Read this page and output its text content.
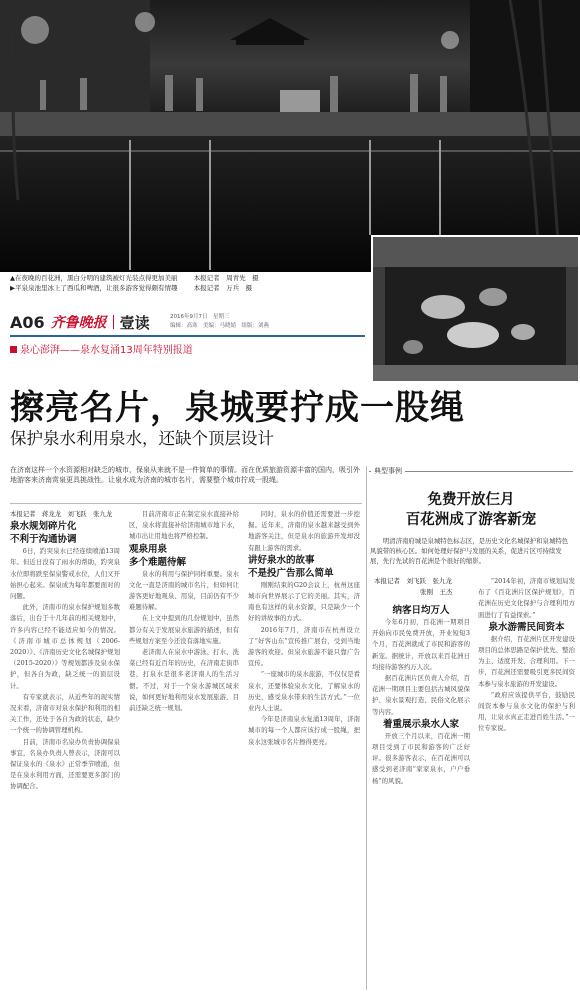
▲在夜晚的百花洲，黑白分明的建筑被灯光装点得更加美丽 本报记者　周青先　摄
▶平泉泉池里冰上了西瓜和啤酒，让很多游客觉得颇有情趣 本报记者　万兵　摄
A06 齐鲁晚报 壹读	2016年9月7日　星期三
编辑：高寒　美编：马晓婧　组版：刘燕
泉心澎湃——泉水复涌13周年特别报道
擦亮名片，泉城要拧成一股绳
保护泉水利用泉水，还缺个顶层设计
在济南这样一个水资源相对缺乏的城市，保泉从来就不是一件简单的事情。而在优质旅游资源丰富的国内，吸引外地游客来济南赏泉更具挑战性。让泉水成为济南的城市名片，需要整个城市拧成一股绳。

本报记者　蒋龙龙　刘飞跃　张九龙

泉水规划碎片化
不利于沟通协调

6日，趵突泉水已经连续喷涌13周年。但近日没有了雨水的帮助，趵突泉水位即将跌至保泉警戒水位，人们又开始担心起来。保泉成为每年都要面对的问题。

此外，济南市的泉水保护规划多数落后，出台于十几年前的相关规划中，许多内容已经不能适应如今的情况。《济南市城市总体规划（2006-2020）》、《济南历史文化名城保护规划（2015-2020）》等规划都涉及泉水保护，但各自为政，缺乏统一的顶层设计。

有专家就表示，从近些年的现实情况来看，济南市对泉水保护和利用的相关工作，还处于各自为政的状态，缺少一个统一的协调管理机构。

目前，济南市名泉办负责协调保泉事宜，名泉办负责人曾表示，济南可以保证泉水的《泉水》正常季节喷涌，但是在泉水利用方面，还需要更多部门的协调配合。

目前济南市正在制定泉水直接补给区，泉水将直接补给济南城市地下水，城市出让用地也将严格控制。

观泉用泉
多个难题待解

泉水的利用与保护同样重要。泉水文化一直是济南的城市名片，但如何让游客更好地观泉、用泉，目前仍有不少难题待解。

在上文中提到的几份规划中，虽然都分有关于发展泉水旅游的描述，但有些规划方案至今还没有落地实施。

老济南人在泉水中游泳、打水、洗菜已经有近百年的历史，在济南走街串巷，打泉水是很多老济南人的生活习惯。不过，对于一个泉水游城区域来说，如何更好地利用泉水发展旅游，目前还缺乏统一规划。

同时，泉水的价值还需要进一步挖掘。近年来，济南的泉水越来越受到外地游客关注，但是泉水的旅游开发却没有跟上游客的需求。

讲好泉水的故事
不是投广告那么简单

刚刚结束的G20会议上，杭州这座城市向世界展示了它的美丽。其实，济南也有这样的泉水资源，只是缺少一个好的讲故事的方式。

2016年7月，济南市在杭州设立了“好客山东”宣传推广展台，受到当地游客的欢迎。但泉水旅游不能只靠广告宣传。

“一座城市的泉水旅游，不仅仅是看泉水，还要体验泉水文化，了解泉水的历史，感受泉水带来的生活方式。”一位业内人士说。

今年是济南泉水复涌13周年，济南城市的每一个人都应该拧成一股绳，把泉水这张城市名片擦得更亮。

典型事例
免费开放仨月
百花洲成了游客新宠
明清济南府城是泉城特色标志区，是历史文化名城保护和泉城特色风貌带的核心区。如何处理好保护与发展的关系，促进片区可持续发展，先行先试的百花洲是个很好的缩影。
本报记者　刘飞跃　张九龙
张刚　王杰

纳客日均万人

今年6月初，百花洲一期项目开始向市民免费开放，开业短短3个月，百花洲就成了市民和游客的新宠。据统计，开放以来百花洲日均接待游客约万人次。

据百花洲片区负责人介绍，百花洲一期项目主要包括古城风貌保护、泉水景观打造、民俗文化展示等内容。

着重展示泉水人家

开放三个月以来，百花洲一期项目受到了市民和游客的广泛好评。很多游客表示，在百花洲可以感受到老济南“家家泉水，户户垂杨”的风貌。

“2014年初，济南市规划局发布了《百花洲片区保护规划》，百花洲在历史文化保护与合理利用方面进行了有益探索。”

泉水游需民间资本

据介绍，百花洲片区开发建设项目的总体思路是保护优先、整治为主、适度开发、合理利用。下一步，百花洲还需要吸引更多民间资本参与泉水旅游的开发建设。

“政府应该提供平台，鼓励民间资本参与泉水文化的保护与利用，让泉水真正走进百姓生活。”一位专家说。
